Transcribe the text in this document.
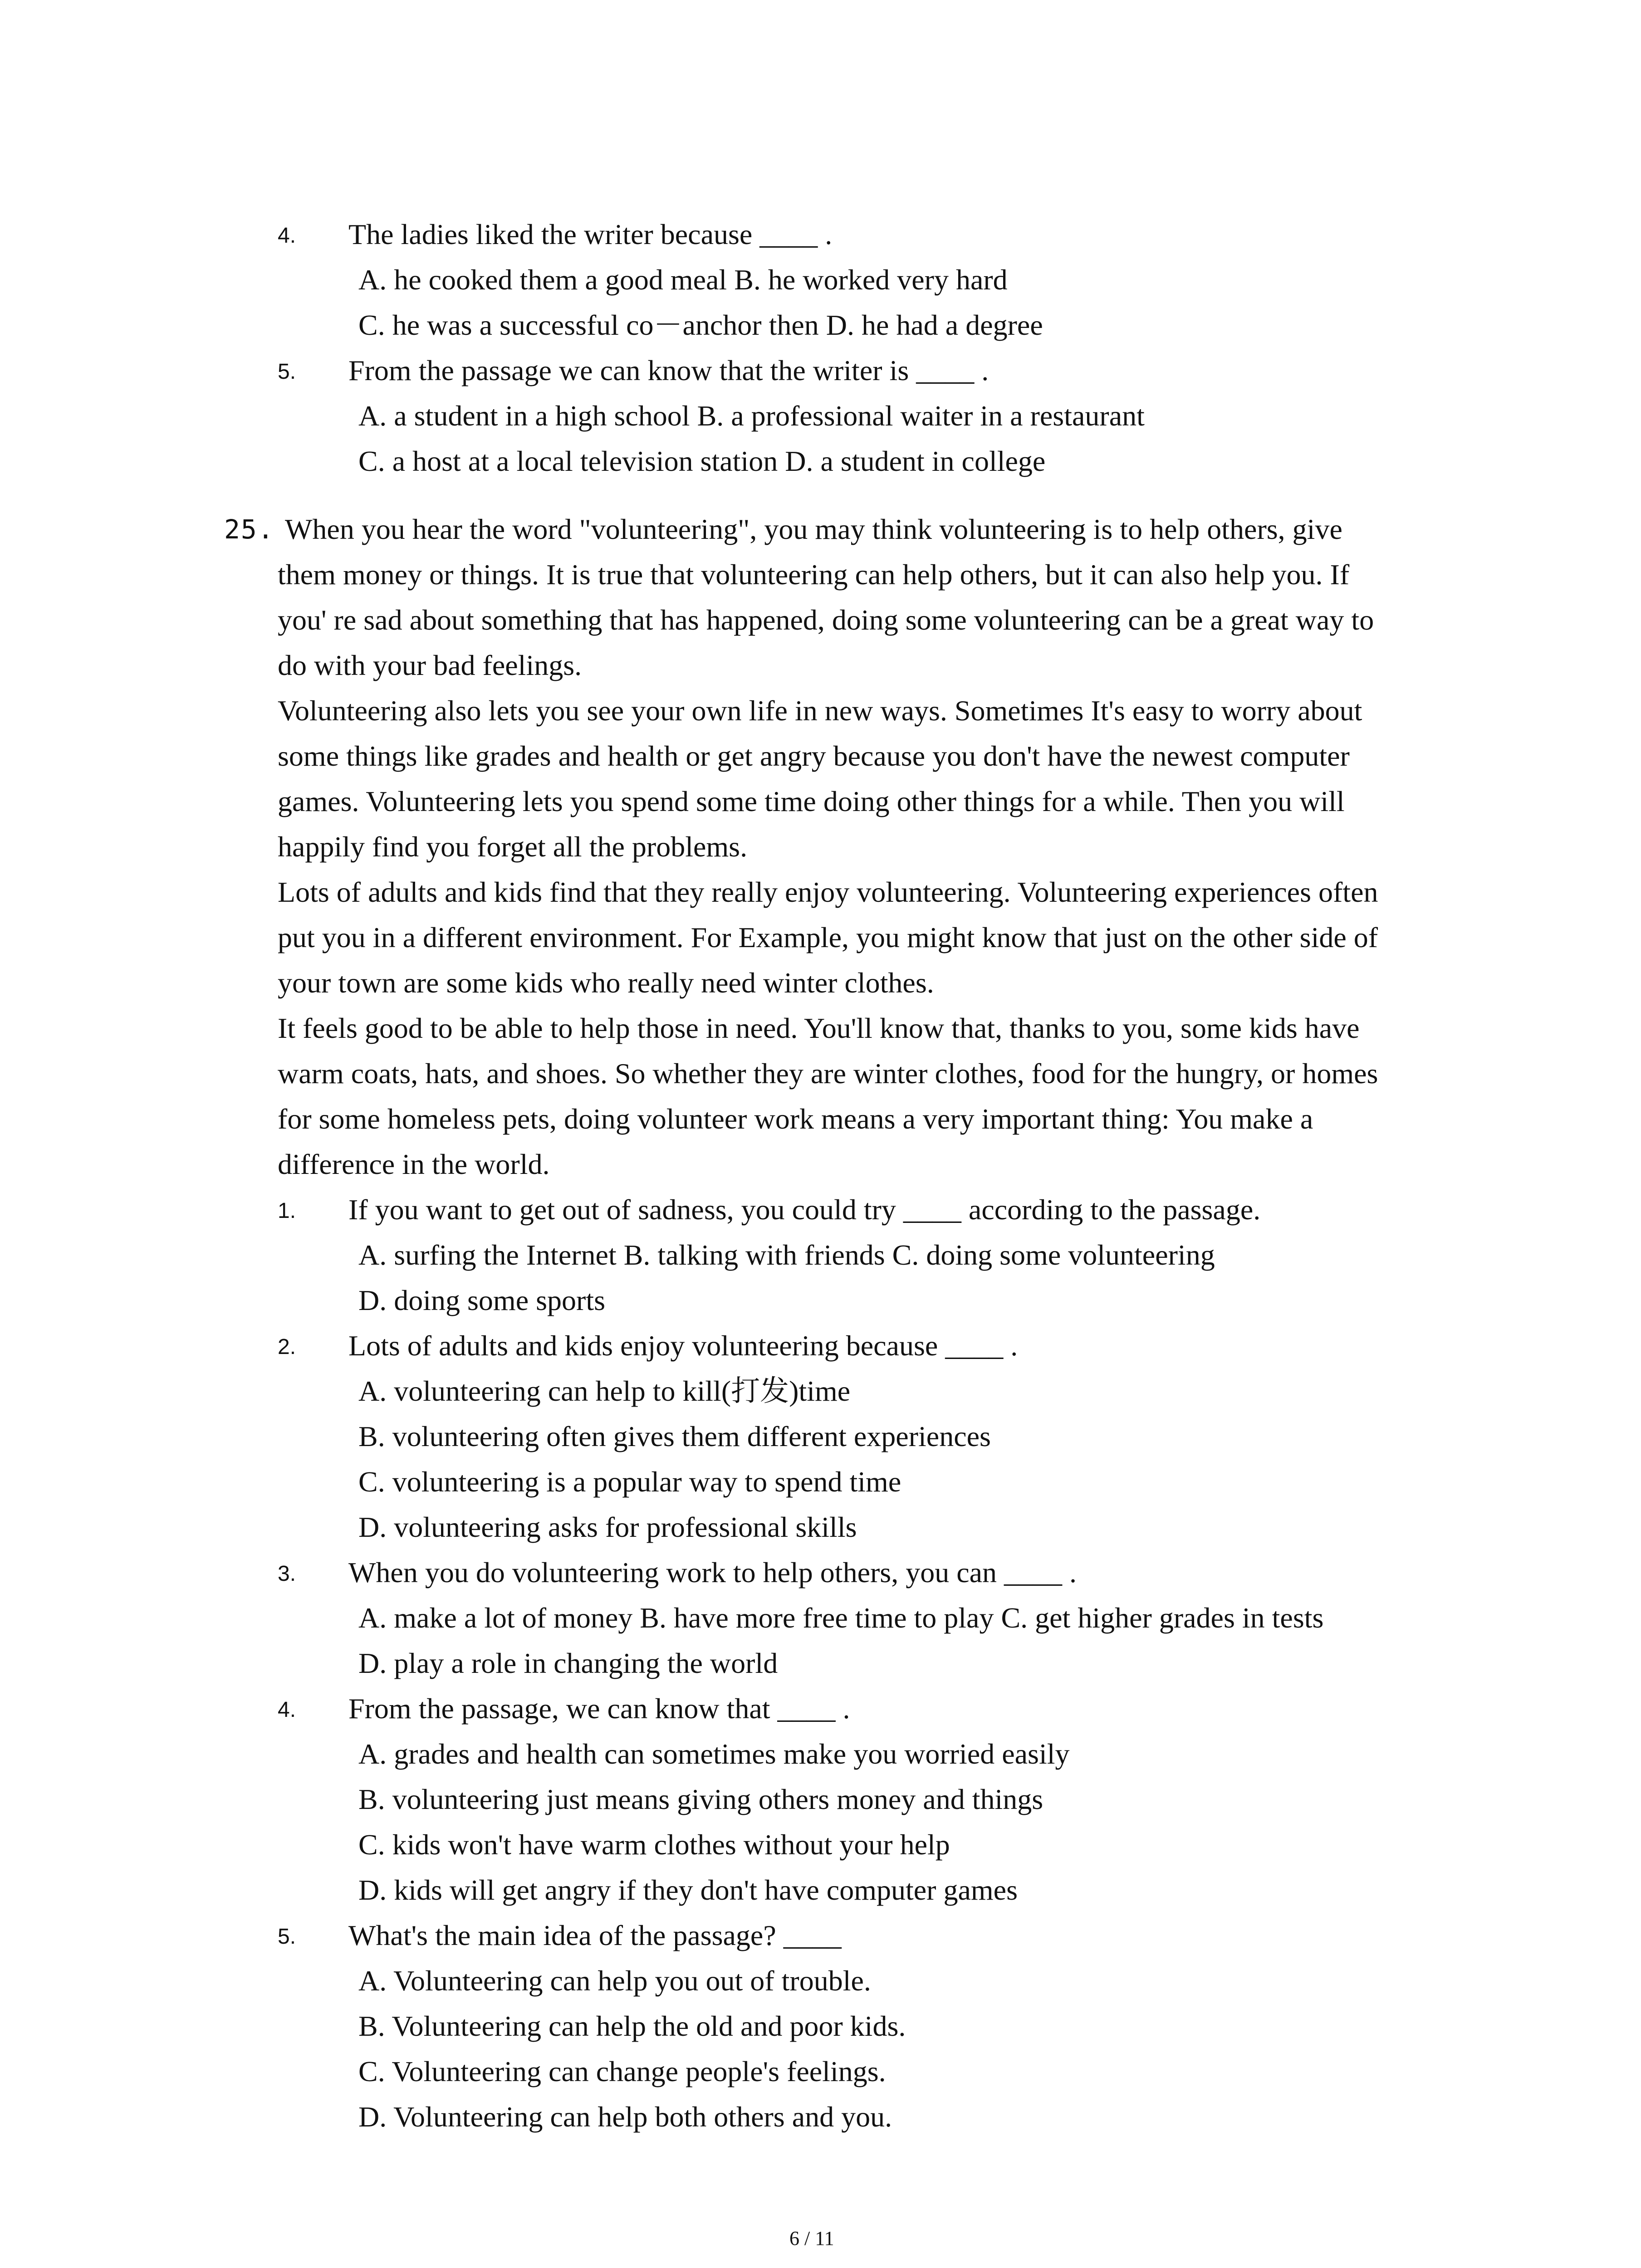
4. The ladies liked the writer because ____ .
A. he cooked them a good meal B. he worked very hard
C. he was a successful co－anchor then D. he had a degree
5. From the passage we can know that the writer is ____ .
A. a student in a high school B. a professional waiter in a restaurant
C. a host at a local television station D. a student in college
25. When you hear the word "volunteering", you may think volunteering is to help others, give
them money or things. It is true that volunteering can help others, but it can also help you. If
you' re sad about something that has happened, doing some volunteering can be a great way to
do with your bad feelings.
Volunteering also lets you see your own life in new ways. Sometimes It's easy to worry about
some things like grades and health or get angry because you don't have the newest computer
games. Volunteering lets you spend some time doing other things for a while. Then you will
happily find you forget all the problems.
Lots of adults and kids find that they really enjoy volunteering. Volunteering experiences often
put you in a different environment. For Example, you might know that just on the other side of
your town are some kids who really need winter clothes.
It feels good to be able to help those in need. You'll know that, thanks to you, some kids have
warm coats, hats, and shoes. So whether they are winter clothes, food for the hungry, or homes
for some homeless pets, doing volunteer work means a very important thing: You make a
difference in the world.
1. If you want to get out of sadness, you could try ____ according to the passage.
A. surfing the Internet B. talking with friends C. doing some volunteering
D. doing some sports
2. Lots of adults and kids enjoy volunteering because ____ .
A. volunteering can help to kill(打发)time
B. volunteering often gives them different experiences
C. volunteering is a popular way to spend time
D. volunteering asks for professional skills
3. When you do volunteering work to help others, you can ____ .
A. make a lot of money B. have more free time to play C. get higher grades in tests
D. play a role in changing the world
4. From the passage, we can know that ____ .
A. grades and health can sometimes make you worried easily
B. volunteering just means giving others money and things
C. kids won't have warm clothes without your help
D. kids will get angry if they don't have computer games
5. What's the main idea of the passage? ____
A. Volunteering can help you out of trouble.
B. Volunteering can help the old and poor kids.
C. Volunteering can change people's feelings.
D. Volunteering can help both others and you.
6 / 11
